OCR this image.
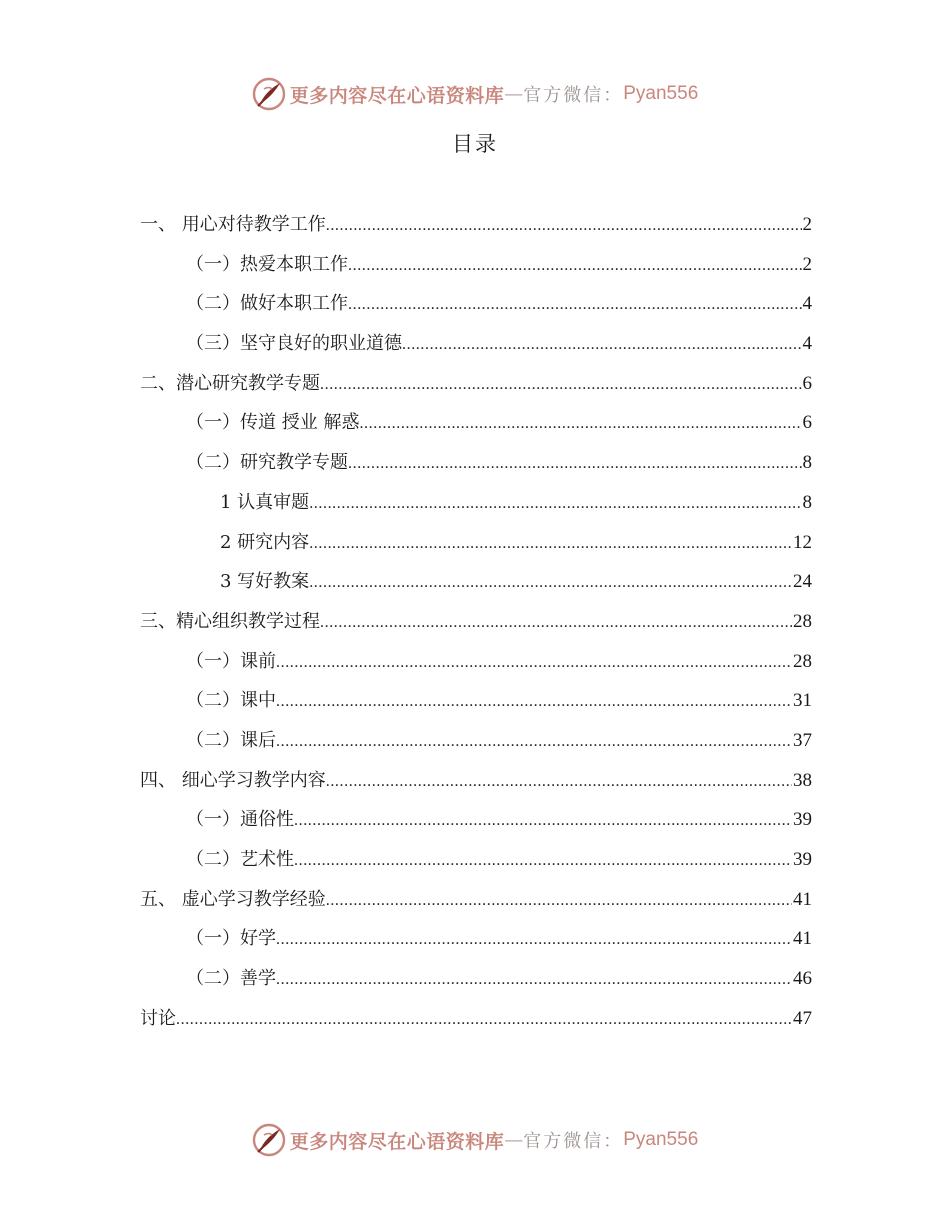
更多内容尽在心语资料库 — 官方微信： Pyan556
目录
一、 用心对待教学工作 .....	2
（一）热爱本职工作 .....	2
（二）做好本职工作 .....	4
（三）坚守良好的职业道德 .....	4
二、潜心研究教学专题 .....	6
（一）传道 授业 解惑 .....	6
（二）研究教学专题 .....	8
1 认真审题 .....	8
2 研究内容 .....	12
3 写好教案 .....	24
三、精心组织教学过程 .....	28
（一）课前 .....	28
（二）课中 .....	31
（二）课后 .....	37
四、 细心学习教学内容 .....	38
（一）通俗性 .....	39
（二）艺术性 .....	39
五、 虚心学习教学经验 .....	41
（一）好学 .....	41
（二）善学 .....	46
讨论 .....	47
更多内容尽在心语资料库 — 官方微信： Pyan556
